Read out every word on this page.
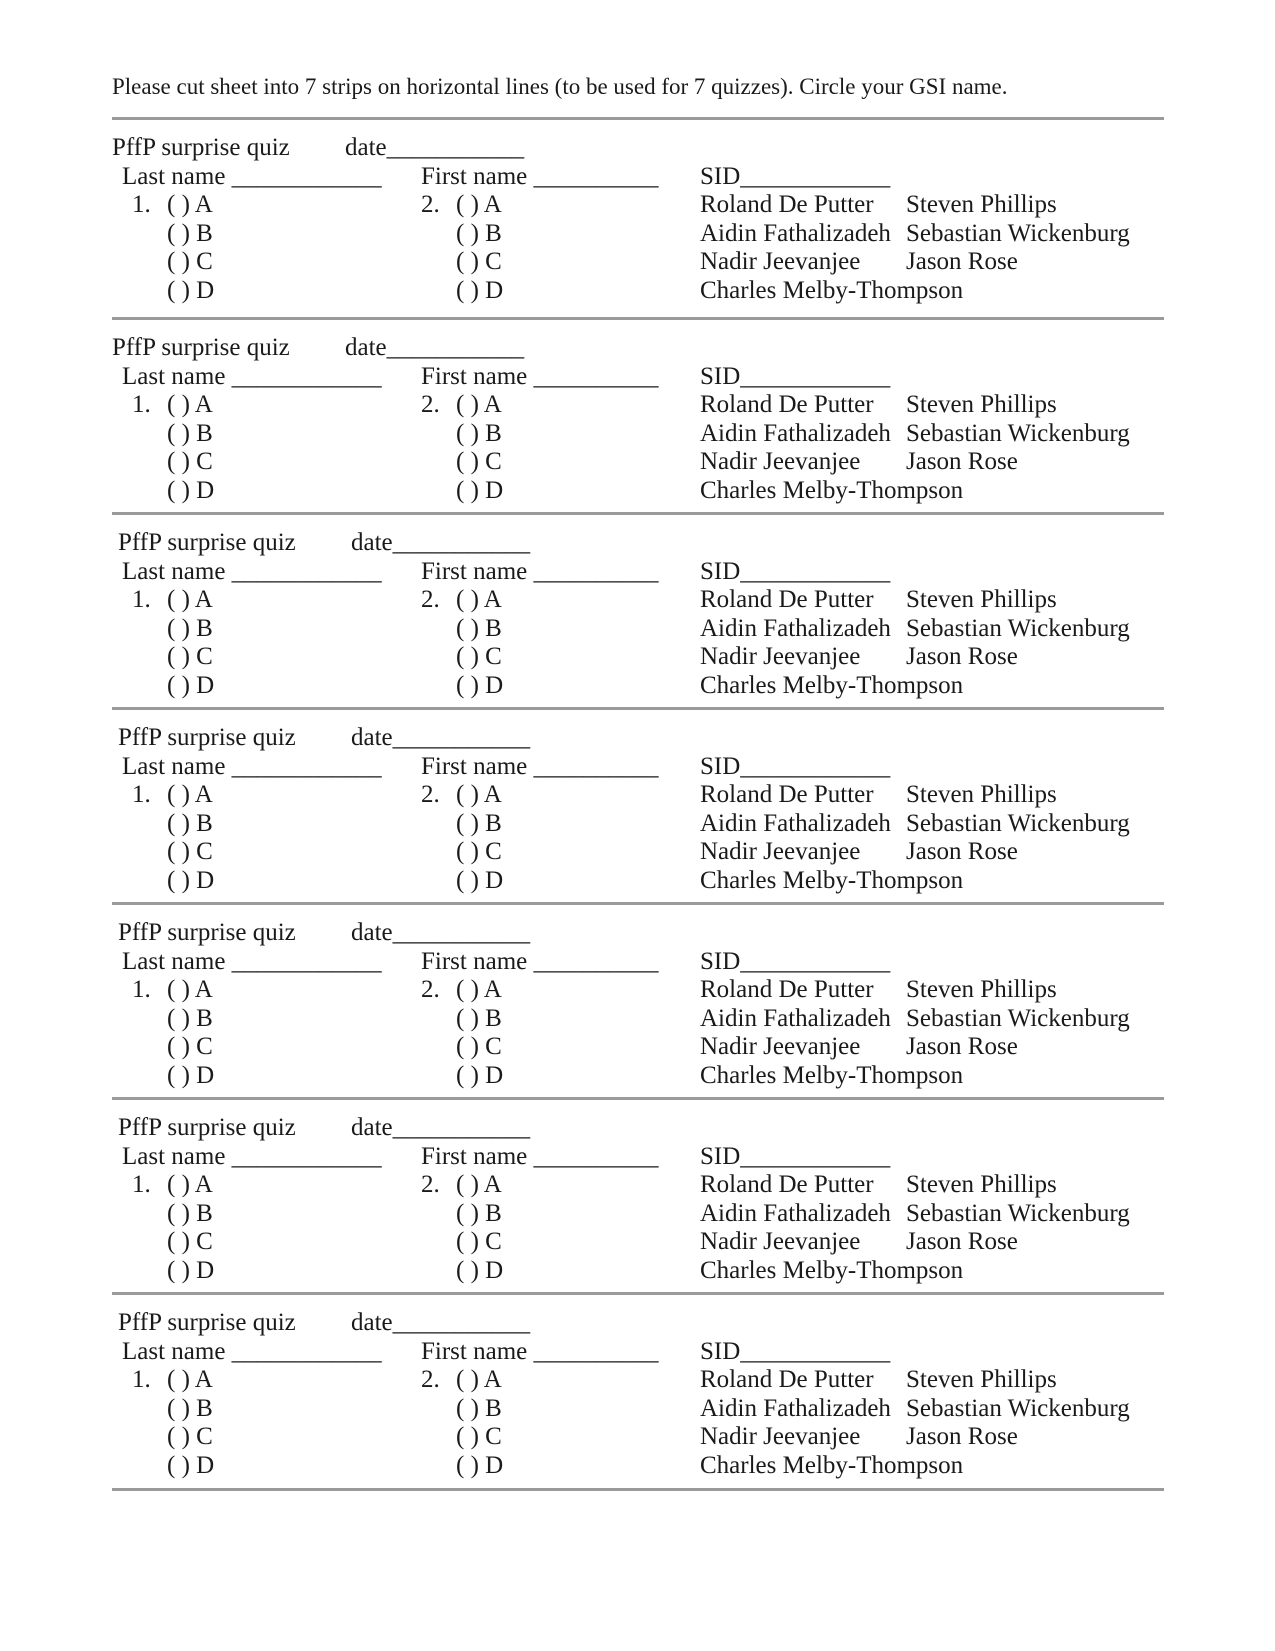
Please cut sheet into 7 strips on horizontal lines (to be used for 7 quizzes). Circle your GSI name.
PffP surprise quiz date___________
Last name ____________ First name __________ SID____________
1.	2.
( ) A	( ) A
( ) B	( ) B
( ) C	( ) C
( ) D	( ) D
Roland De Putter Steven Phillips
Aidin Fathalizadeh Sebastian Wickenburg
Nadir Jeevanjee Jason Rose
Charles Melby-Thompson
PffP surprise quiz date___________
Last name ____________ First name __________ SID____________
1.	2.
( ) A	( ) A
( ) B	( ) B
( ) C	( ) C
( ) D	( ) D
Roland De Putter Steven Phillips
Aidin Fathalizadeh Sebastian Wickenburg
Nadir Jeevanjee Jason Rose
Charles Melby-Thompson
PffP surprise quiz date___________
Last name ____________ First name __________ SID____________
1.	2.
( ) A	( ) A
( ) B	( ) B
( ) C	( ) C
( ) D	( ) D
Roland De Putter Steven Phillips
Aidin Fathalizadeh Sebastian Wickenburg
Nadir Jeevanjee Jason Rose
Charles Melby-Thompson
PffP surprise quiz date___________
Last name ____________ First name __________ SID____________
1.	2.
( ) A	( ) A
( ) B	( ) B
( ) C	( ) C
( ) D	( ) D
Roland De Putter Steven Phillips
Aidin Fathalizadeh Sebastian Wickenburg
Nadir Jeevanjee Jason Rose
Charles Melby-Thompson
PffP surprise quiz date___________
Last name ____________ First name __________ SID____________
1.	2.
( ) A	( ) A
( ) B	( ) B
( ) C	( ) C
( ) D	( ) D
Roland De Putter Steven Phillips
Aidin Fathalizadeh Sebastian Wickenburg
Nadir Jeevanjee Jason Rose
Charles Melby-Thompson
PffP surprise quiz date___________
Last name ____________ First name __________ SID____________
1.	2.
( ) A	( ) A
( ) B	( ) B
( ) C	( ) C
( ) D	( ) D
Roland De Putter Steven Phillips
Aidin Fathalizadeh Sebastian Wickenburg
Nadir Jeevanjee Jason Rose
Charles Melby-Thompson
PffP surprise quiz date___________
Last name ____________ First name __________ SID____________
1.	2.
( ) A	( ) A
( ) B	( ) B
( ) C	( ) C
( ) D	( ) D
Roland De Putter Steven Phillips
Aidin Fathalizadeh Sebastian Wickenburg
Nadir Jeevanjee Jason Rose
Charles Melby-Thompson
